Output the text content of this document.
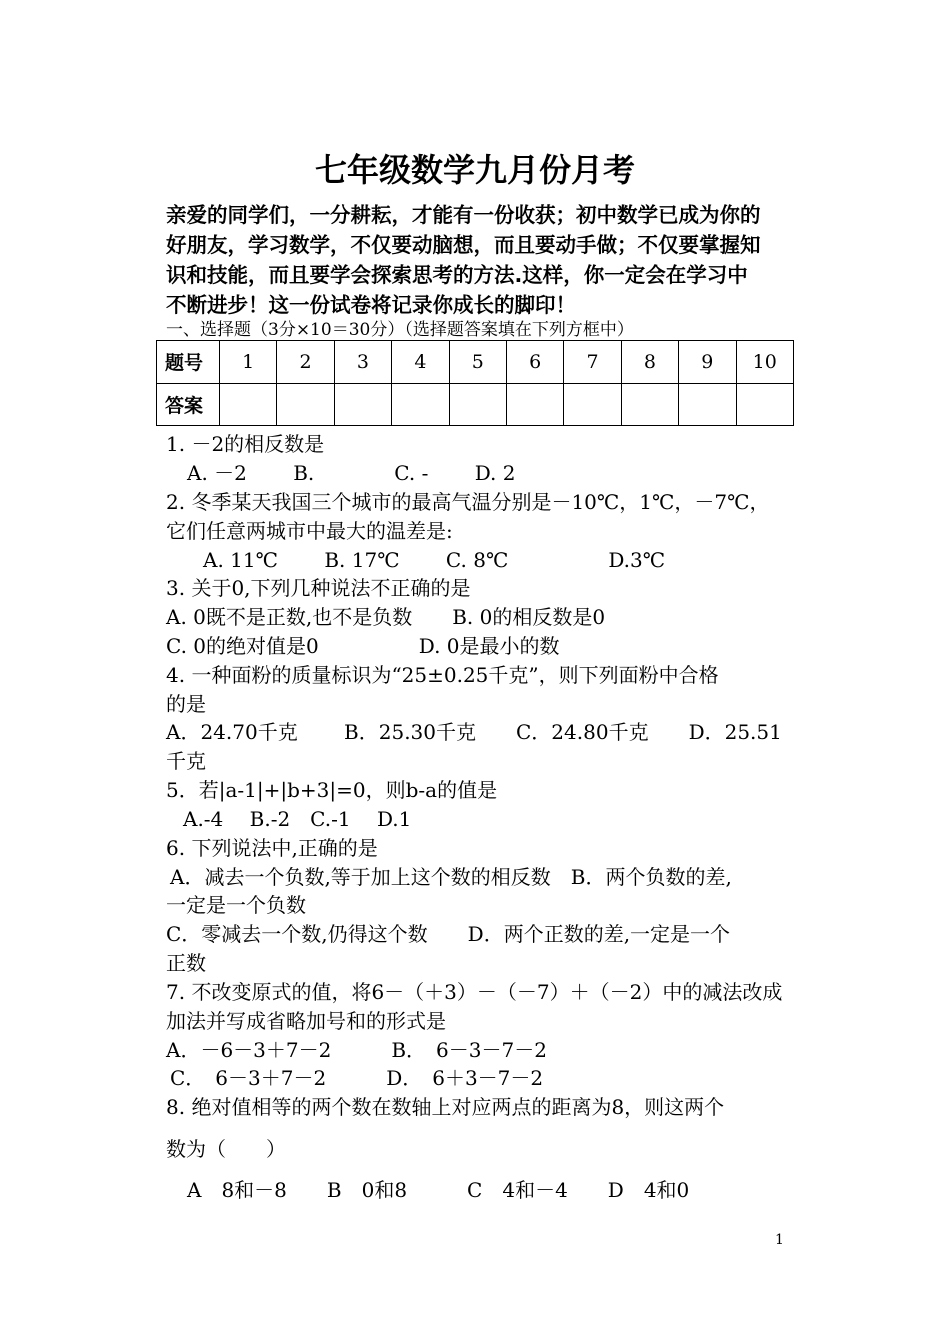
七年级数学九月份月考
亲爱的同学们，一分耕耘，才能有一份收获；初中数学已成为你的
好朋友，学习数学，不仅要动脑想，而且要动手做；不仅要掌握知
识和技能，而且要学会探索思考的方法.这样，你一定会在学习中
不断进步！这一份试卷将记录你成长的脚印！
一、选择题（3分×10＝30分）（选择题答案填在下列方框中）
题号	1	2	3	4	5	6	7	8	9	10
答案										
1. －2的相反数是
A. －2　　 B.　　　　C. -　　 D. 2
2. 冬季某天我国三个城市的最高气温分别是－10℃，1℃，－7℃，
它们任意两城市中最大的温差是:
A. 11℃　　 B. 17℃　　 C. 8℃　　　　　D.3℃
3. 关于0,下列几种说法不正确的是
A. 0既不是正数,也不是负数　　B. 0的相反数是0
C. 0的绝对值是0　　　　　D. 0是最小的数
4. 一种面粉的质量标识为“25±0.25千克”，则下列面粉中合格
的是
A．24.70千克　　 B．25.30千克　　C．24.80千克　　D．25.51
千克
5．若|a-1|+|b+3|=0，则b-a的值是
A.-4　 B.-2　C.-1　 D.1
6. 下列说法中,正确的是
A．减去一个负数,等于加上这个数的相反数　B．两个负数的差,
一定是一个负数
C．零减去一个数,仍得这个数　　D．两个正数的差,一定是一个
正数
7. 不改变原式的值，将6－（＋3）－（－7）＋（－2）中的减法改成
加法并写成省略加号和的形式是
A．－6－3＋7－2　　　B．　6－3－7－2
C．　6－3＋7－2　　　D．　6＋3－7－2
8. 绝对值相等的两个数在数轴上对应两点的距离为8，则这两个
数为（　　）
A　8和－8　　B　0和8　　　C　4和－4　　D　4和0
1
